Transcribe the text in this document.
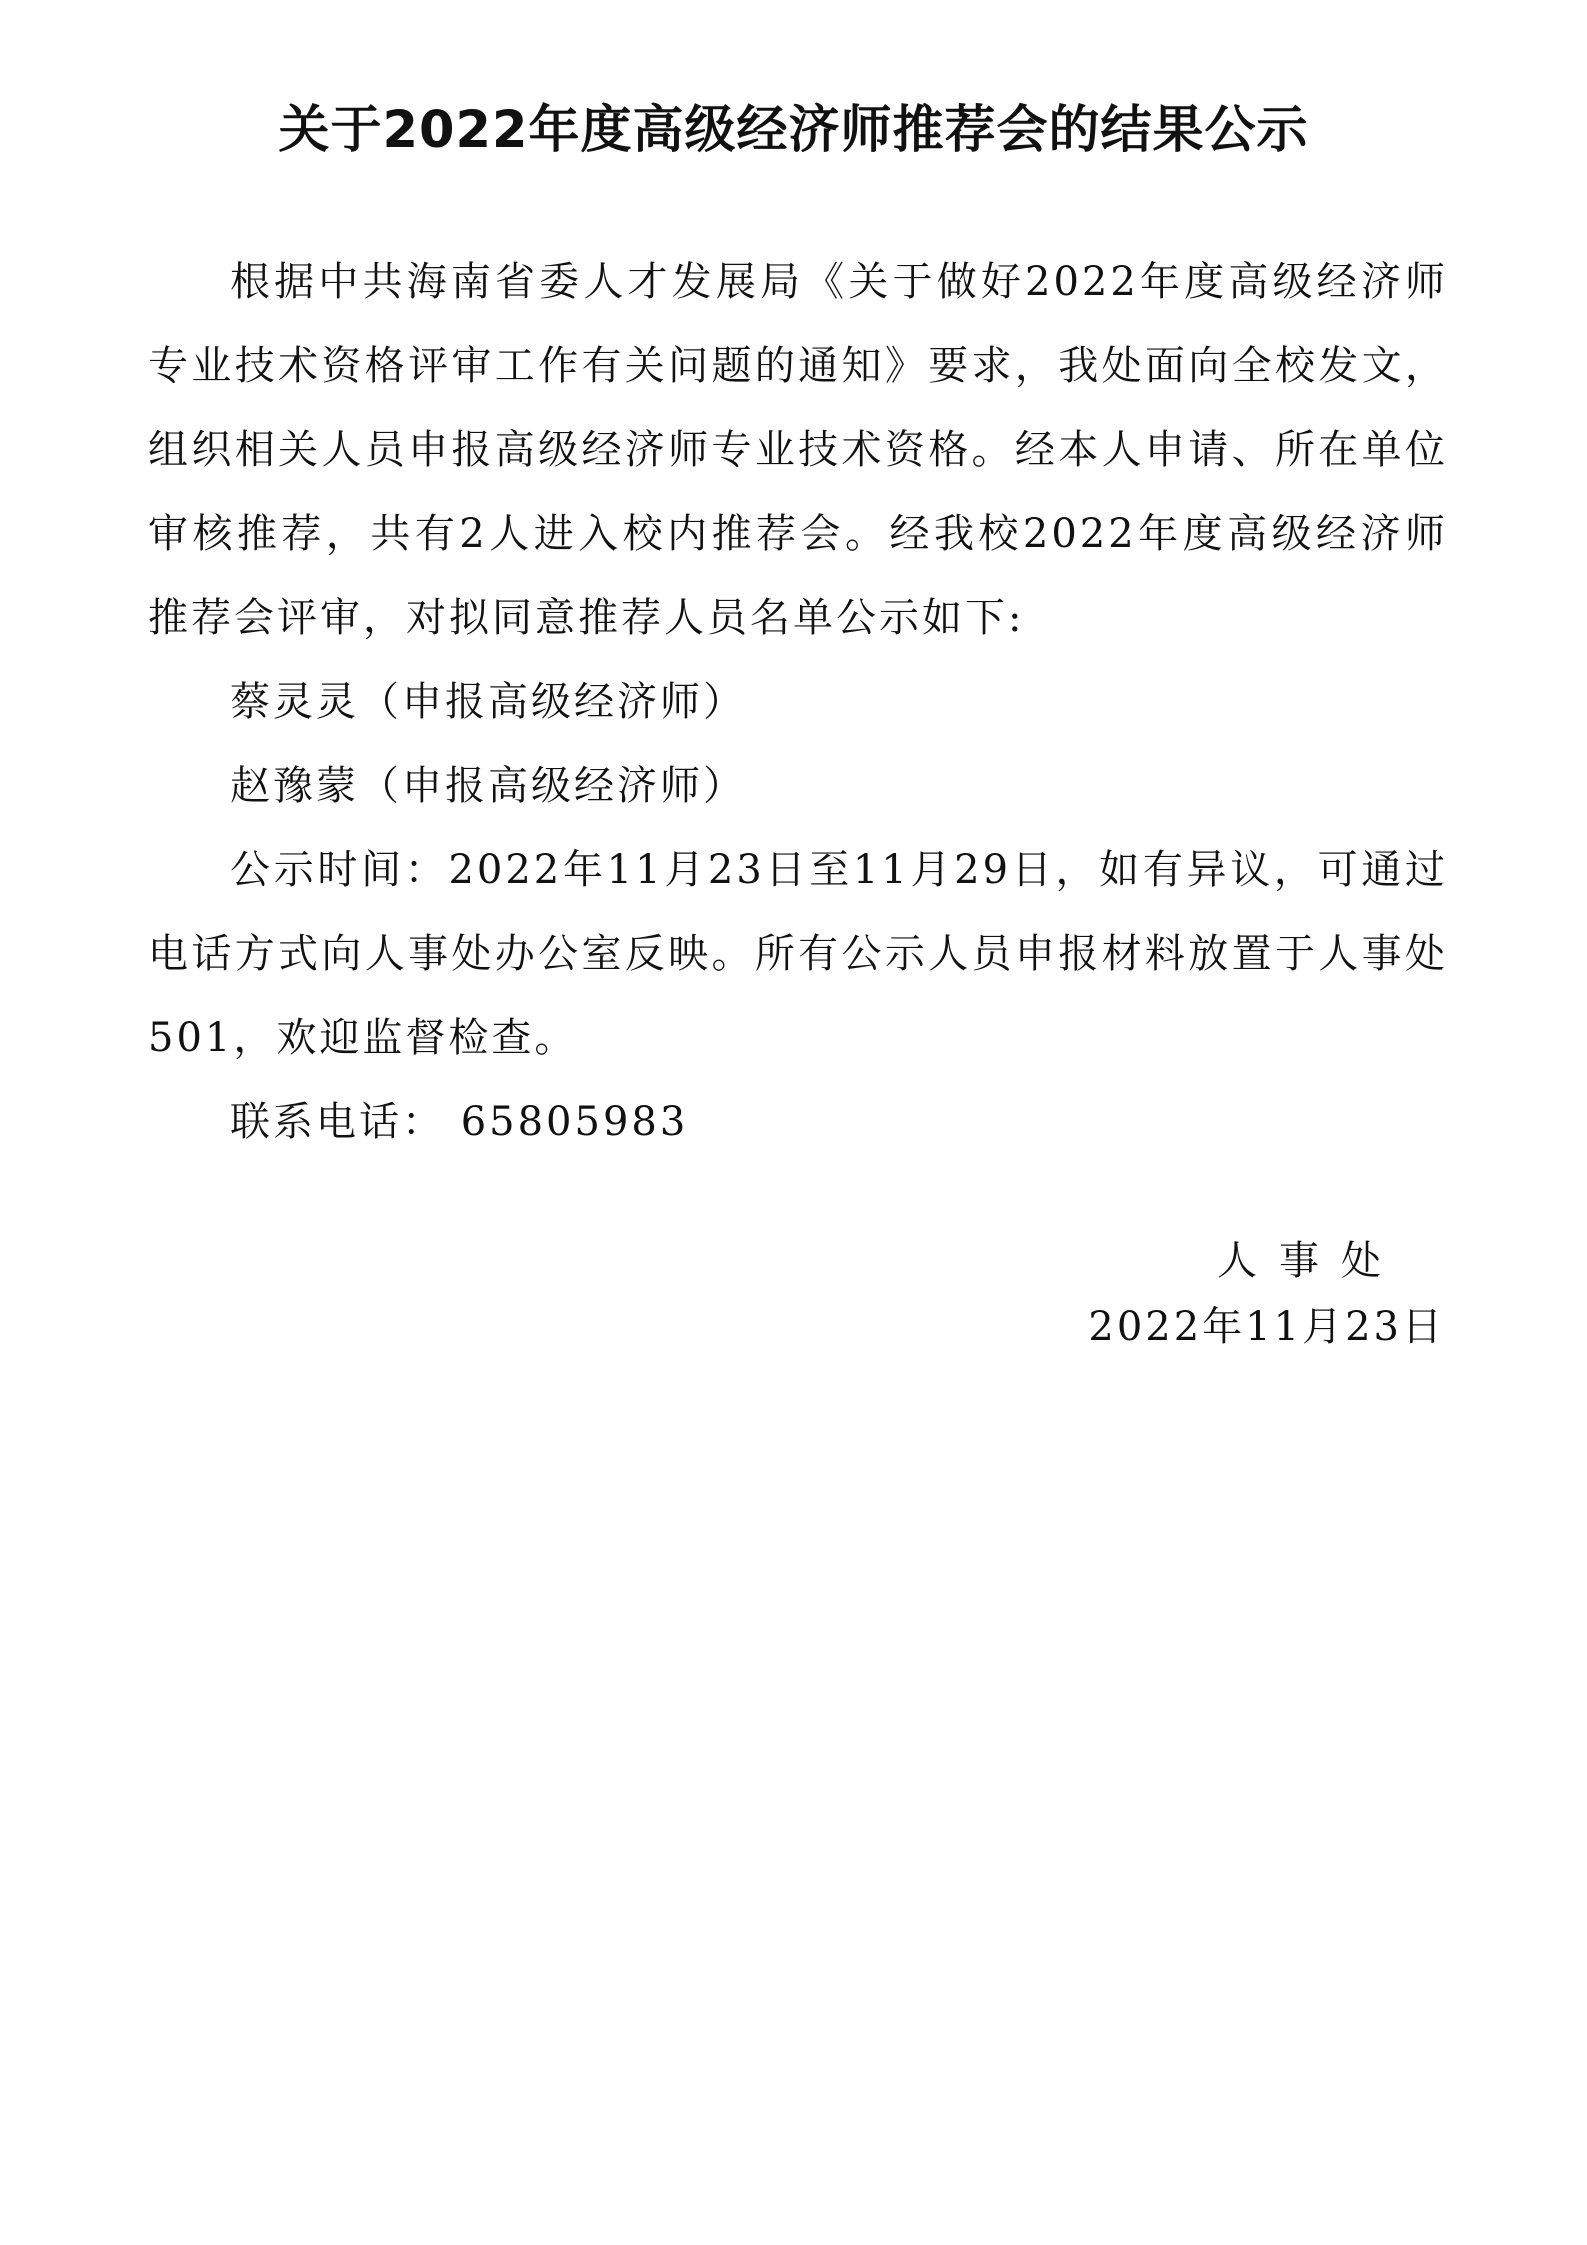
关于2022年度高级经济师推荐会的结果公示

根据中共海南省委人才发展局《关于做好2022年度高级经济师专业技术资格评审工作有关问题的通知》要求，我处面向全校发文，组织相关人员申报高级经济师专业技术资格。经本人申请、所在单位审核推荐，共有2人进入校内推荐会。经我校2022年度高级经济师推荐会评审，对拟同意推荐人员名单公示如下:

蔡灵灵（申报高级经济师）

赵豫蒙（申报高级经济师）

公示时间：2022年11月23日至11月29日，如有异议，可通过电话方式向人事处办公室反映。所有公示人员申报材料放置于人事处501，欢迎监督检查。

联系电话： 65805983

人事处
2022年11月23日
